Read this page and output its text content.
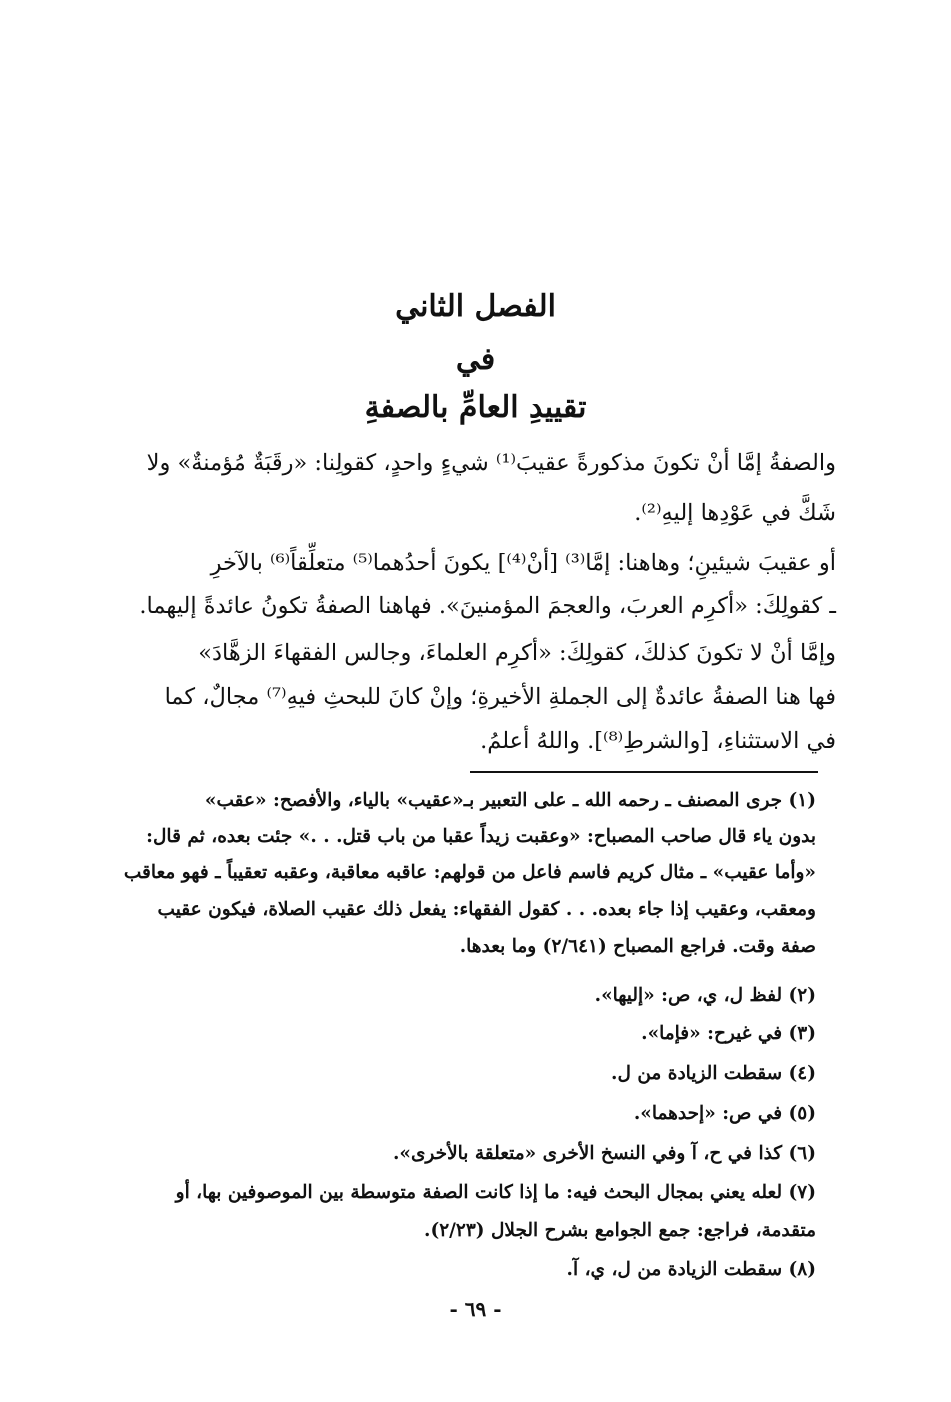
الفصل الثاني
في
تقييدِ العامِّ بالصفةِ
والصفةُ إمَّا أنْ تكونَ مذكورةً عقيبَ⁽¹⁾ شيءٍ واحدٍ، كقولِنا: «رقَبَةٌ مُؤمنةٌ» ولا
شَكَّ في عَوْدِها إليهِ⁽²⁾.
أو عقيبَ شيئينِ؛ وهاهنا: إمَّا⁽³⁾ [أنْ⁽⁴⁾] يكونَ أحدُهما⁽⁵⁾ متعلِّقاً⁽⁶⁾ بالآخرِ
ـ كقولِكَ: «أكرِم العربَ، والعجمَ المؤمنينَ». فهاهنا الصفةُ تكونُ عائدةً إليهما.
وإمَّا أنْ لا تكونَ كذلكَ، كقولِكَ: «أكرِم العلماءَ، وجالس الفقهاءَ الزهَّادَ»
فها هنا الصفةُ عائدةٌ إلى الجملةِ الأخيرةِ؛ وإنْ كانَ للبحثِ فيهِ⁽⁷⁾ مجالٌ، كما
في الاستثناءِ، [والشرطِ⁽⁸⁾]. واللهُ أعلمُ.
(١) جرى المصنف ـ رحمه الله ـ على التعبير بـ«عقيب» بالياء، والأفصح: «عقب»
بدون ياء قال صاحب المصباح: «وعقبت زيداً عقبا من باب قتل. . .» جئت بعده، ثم قال:
«وأما عقيب» ـ مثال كريم فاسم فاعل من قولهم: عاقبه معاقبة، وعقبه تعقيباً ـ فهو معاقب
ومعقب، وعقيب إذا جاء بعده. . . كقول الفقهاء: يفعل ذلك عقيب الصلاة، فيكون عقيب
صفة وقت. فراجع المصباح (٢/٦٤١) وما بعدها.
(٢) لفظ ل، ي، ص: «إليها».
(٣) في غيرح: «فإما».
(٤) سقطت الزيادة من ل.
(٥) في ص: «إحدهما».
(٦) كذا في ح، آ وفي النسخ الأخرى «متعلقة بالأخرى».
(٧) لعله يعني بمجال البحث فيه: ما إذا كانت الصفة متوسطة بين الموصوفين بها، أو
متقدمة، فراجع: جمع الجوامع بشرح الجلال (٢/٢٣).
(٨) سقطت الزيادة من ل، ي، آ.
- ٦٩ -
